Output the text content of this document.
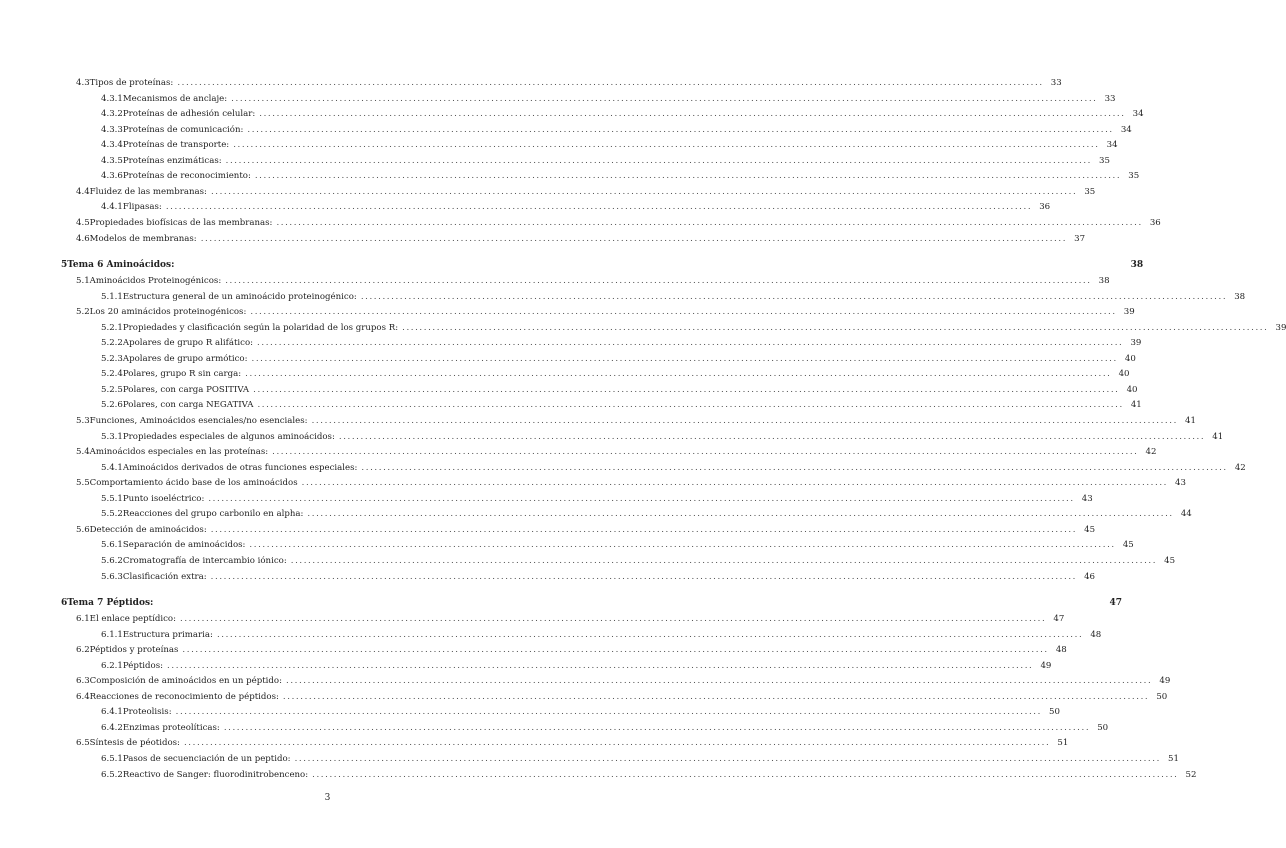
4.3 Tipos de proteínas: ........................................................................................................................................................................................................ 33
4.3.1 Mecanismos de anclaje: ........................................................................................................................................................................................................ 33
4.3.2 Proteínas de adhesión celular: ........................................................................................................................................................................................................ 34
4.3.3 Proteínas de comunicación: ........................................................................................................................................................................................................ 34
4.3.4 Proteínas de transporte: ........................................................................................................................................................................................................ 34
4.3.5 Proteínas enzimáticas: ........................................................................................................................................................................................................ 35
4.3.6 Proteínas de reconocimiento: ........................................................................................................................................................................................................ 35
4.4 Fluidez de las membranas: ........................................................................................................................................................................................................ 35
4.4.1 Flipasas: ........................................................................................................................................................................................................ 36
4.5 Propiedades biofísicas de las membranas: ........................................................................................................................................................................................................ 36
4.6 Modelos de membranas: ........................................................................................................................................................................................................ 37
5 Tema 6 Aminoácidos:	38
5.1 Aminoácidos Proteinogénicos: ........................................................................................................................................................................................................ 38
5.1.1 Estructura general de un aminoácido proteinogénico: ........................................................................................................................................................................................................ 38
5.2 Los 20 aminácidos proteinogénicos: ........................................................................................................................................................................................................ 39
5.2.1 Propiedades y clasificación según la polaridad de los grupos R: ........................................................................................................................................................................................................ 39
5.2.2 Apolares de grupo R alifático: ........................................................................................................................................................................................................ 39
5.2.3 Apolares de grupo armótico: ........................................................................................................................................................................................................ 40
5.2.4 Polares, grupo R sin carga: ........................................................................................................................................................................................................ 40
5.2.5 Polares, con carga POSITIVA ........................................................................................................................................................................................................ 40
5.2.6 Polares, con carga NEGATIVA ........................................................................................................................................................................................................ 41
5.3 Funciones, Aminoácidos esenciales/no esenciales: ........................................................................................................................................................................................................ 41
5.3.1 Propiedades especiales de algunos aminoácidos: ........................................................................................................................................................................................................ 41
5.4 Aminoácidos especiales en las proteínas: ........................................................................................................................................................................................................ 42
5.4.1 Aminoácidos derivados de otras funciones especiales: ........................................................................................................................................................................................................ 42
5.5 Comportamiento ácido base de los aminoácidos ........................................................................................................................................................................................................ 43
5.5.1 Punto isoeléctrico: ........................................................................................................................................................................................................ 43
5.5.2 Reacciones del grupo carbonilo en alpha: ........................................................................................................................................................................................................ 44
5.6 Detección de aminoácidos: ........................................................................................................................................................................................................ 45
5.6.1 Separación de aminoácidos: ........................................................................................................................................................................................................ 45
5.6.2 Cromatografía de intercambio iónico: ........................................................................................................................................................................................................ 45
5.6.3 Clasificación extra: ........................................................................................................................................................................................................ 46
6 Tema 7 Péptidos:	47
6.1 El enlace peptídico: ........................................................................................................................................................................................................ 47
6.1.1 Estructura primaria: ........................................................................................................................................................................................................ 48
6.2 Péptidos y proteínas ........................................................................................................................................................................................................ 48
6.2.1 Péptidos: ........................................................................................................................................................................................................ 49
6.3 Composición de aminoácidos en un péptido: ........................................................................................................................................................................................................ 49
6.4 Reacciones de reconocimiento de péptidos: ........................................................................................................................................................................................................ 50
6.4.1 Proteolisis: ........................................................................................................................................................................................................ 50
6.4.2 Enzimas proteolíticas: ........................................................................................................................................................................................................ 50
6.5 Síntesis de péotidos: ........................................................................................................................................................................................................ 51
6.5.1 Pasos de secuenciación de un peptido: ........................................................................................................................................................................................................ 51
6.5.2 Reactivo de Sanger: fluorodinitrobenceno: ........................................................................................................................................................................................................ 52
3
